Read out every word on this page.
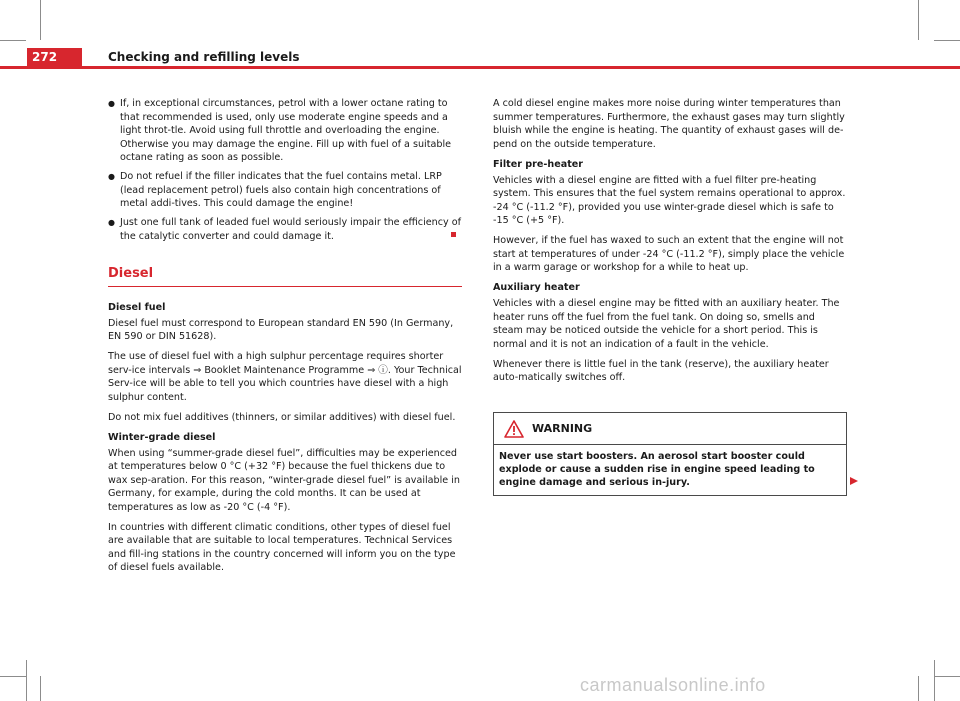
272	Checking and refilling levels
● If, in exceptional circumstances, petrol with a lower octane rating to that recommended is used, only use moderate engine speeds and a light throt-tle. Avoid using full throttle and overloading the engine. Otherwise you may damage the engine. Fill up with fuel of a suitable octane rating as soon as possible.
● Do not refuel if the filler indicates that the fuel contains metal. LRP (lead replacement petrol) fuels also contain high concentrations of metal addi-tives. This could damage the engine!
● Just one full tank of leaded fuel would seriously impair the efficiency of the catalytic converter and could damage it.
Diesel
Diesel fuel

Diesel fuel must correspond to European standard EN 590 (In Germany, EN 590 or DIN 51628).

The use of diesel fuel with a high sulphur percentage requires shorter serv-ice intervals ⇒ Booklet Maintenance Programme ⇒ ⓘ. Your Technical Serv-ice will be able to tell you which countries have diesel with a high sulphur content.

Do not mix fuel additives (thinners, or similar additives) with diesel fuel.

Winter-grade diesel

When using “summer-grade diesel fuel”, difficulties may be experienced at temperatures below 0 °C (+32 °F) because the fuel thickens due to wax sep-aration. For this reason, “winter-grade diesel fuel” is available in Germany, for example, during the cold months. It can be used at temperatures as low as -20 °C (-4 °F).

In countries with different climatic conditions, other types of diesel fuel are available that are suitable to local temperatures. Technical Services and fill-ing stations in the country concerned will inform you on the type of diesel fuels available.

A cold diesel engine makes more noise during winter temperatures than summer temperatures. Furthermore, the exhaust gases may turn slightly bluish while the engine is heating. The quantity of exhaust gases will de-pend on the outside temperature.

Filter pre-heater

Vehicles with a diesel engine are fitted with a fuel filter pre-heating system. This ensures that the fuel system remains operational to approx. -24 °C (-11.2 °F), provided you use winter-grade diesel which is safe to -15 °C (+5 °F).

However, if the fuel has waxed to such an extent that the engine will not start at temperatures of under -24 °C (-11.2 °F), simply place the vehicle in a warm garage or workshop for a while to heat up.

Auxiliary heater

Vehicles with a diesel engine may be fitted with an auxiliary heater. The heater runs off the fuel from the fuel tank. On doing so, smells and steam may be noticed outside the vehicle for a short period. This is normal and it is not an indication of a fault in the vehicle.

Whenever there is little fuel in the tank (reserve), the auxiliary heater auto-matically switches off.

WARNING
Never use start boosters. An aerosol start booster could explode or cause a sudden rise in engine speed leading to engine damage and serious in-jury.
carmanualsonline.info
